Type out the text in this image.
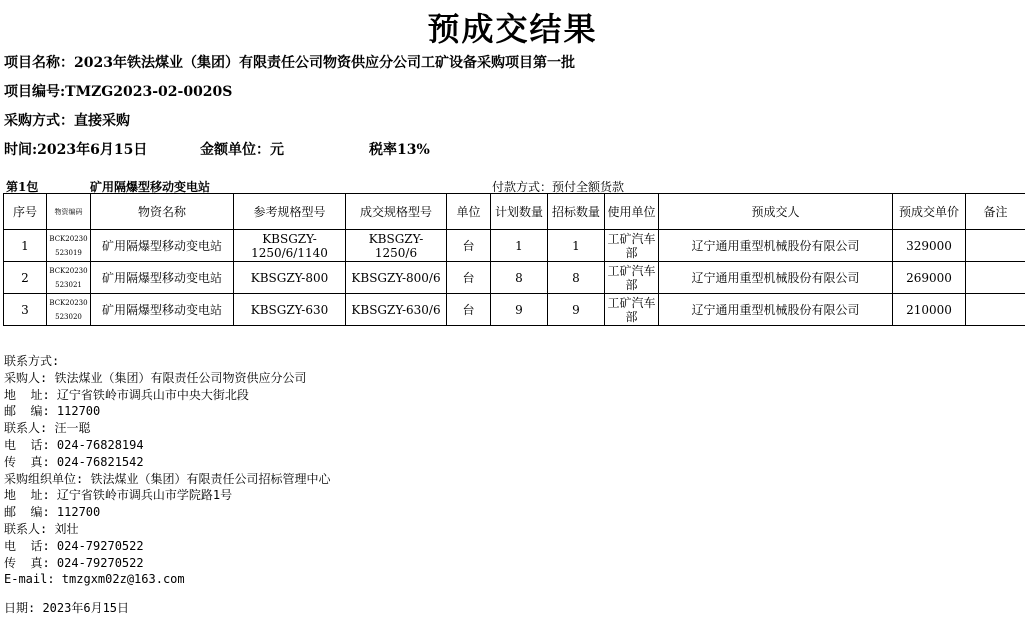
预成交结果
项目名称：2023年铁法煤业（集团）有限责任公司物资供应分公司工矿设备采购项目第一批
项目编号:TMZG2023-02-0020S
采购方式：直接采购
时间:2023年6月15日	金额单位：元	税率13%
第1包	矿用隔爆型移动变电站	付款方式：预付全额货款
序号	物资编码	物资名称	参考规格型号	成交规格型号	单位	计划数量	招标数量	使用单位	预成交人	预成交单价	备注
1	BCK20230523019	矿用隔爆型移动变电站	KBSGZY-1250/6/1140	KBSGZY-1250/6	台	1	1	工矿汽车部	辽宁通用重型机械股份有限公司	329000	
2	BCK20230523021	矿用隔爆型移动变电站	KBSGZY-800	KBSGZY-800/6	台	8	8	工矿汽车部	辽宁通用重型机械股份有限公司	269000	
3	BCK20230523020	矿用隔爆型移动变电站	KBSGZY-630	KBSGZY-630/6	台	9	9	工矿汽车部	辽宁通用重型机械股份有限公司	210000	
联系方式:
采购人: 铁法煤业（集团）有限责任公司物资供应分公司
地  址: 辽宁省铁岭市调兵山市中央大街北段
邮  编: 112700
联系人: 汪一聪
电  话: 024-76828194
传  真: 024-76821542
采购组织单位: 铁法煤业（集团）有限责任公司招标管理中心
地  址: 辽宁省铁岭市调兵山市学院路1号
邮  编: 112700
联系人: 刘壮
电  话: 024-79270522
传  真: 024-79270522
E-mail: tmzgxm02z@163.com
日期: 2023年6月15日
